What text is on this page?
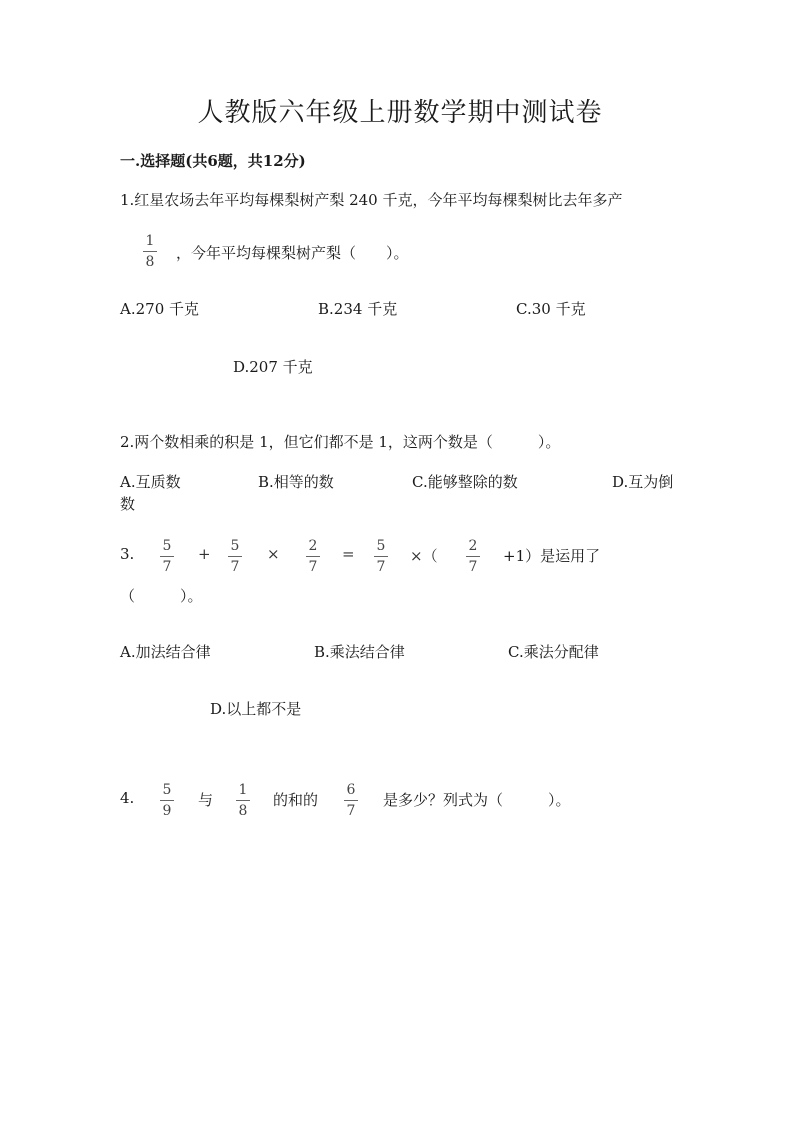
人教版六年级上册数学期中测试卷
一.选择题(共6题，共12分)
1.红星农场去年平均每棵梨树产梨 240 千克，今年平均每棵梨树比去年多产
1
8 ，今年平均每棵梨树产梨（　　）。
A.270 千克	B.234 千克	C.30 千克
D.207 千克
2.两个数相乘的积是 1，但它们都不是 1，这两个数是（　　　）。
A.互质数	B.相等的数	C.能够整除的数	D.互为倒
数
3. 5
7
+ 5
7
× 2
7
= 5
7
×（
2
7
+1）是运用了
（　　　）。
A.加法结合律	B.乘法结合律	C.乘法分配律
D.以上都不是
4. 5
9
与
1
8
的和的
6
7
是多少？列式为（　　　）。
